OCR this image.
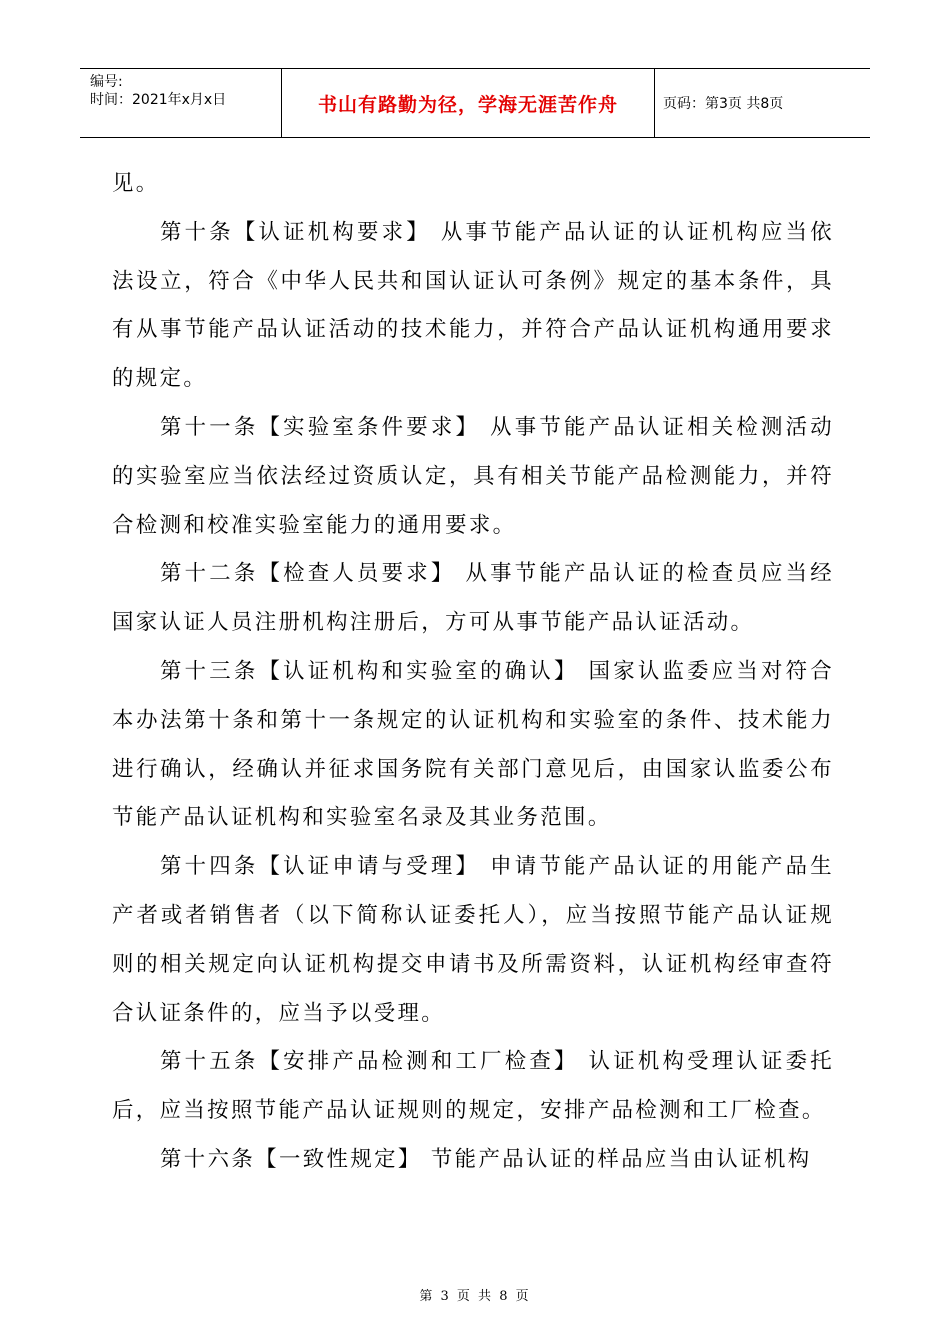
编号:
时间：2021年x月x日	书山有路勤为径，学海无涯苦作舟	页码：第3页 共8页

见。

第十条【认证机构要求】 从事节能产品认证的认证机构应当依法设立，符合《中华人民共和国认证认可条例》规定的基本条件，具有从事节能产品认证活动的技术能力，并符合产品认证机构通用要求的规定。

第十一条【实验室条件要求】 从事节能产品认证相关检测活动的实验室应当依法经过资质认定，具有相关节能产品检测能力，并符合检测和校准实验室能力的通用要求。

第十二条【检查人员要求】 从事节能产品认证的检查员应当经国家认证人员注册机构注册后，方可从事节能产品认证活动。

第十三条【认证机构和实验室的确认】 国家认监委应当对符合本办法第十条和第十一条规定的认证机构和实验室的条件、技术能力进行确认，经确认并征求国务院有关部门意见后，由国家认监委公布节能产品认证机构和实验室名录及其业务范围。

第十四条【认证申请与受理】 申请节能产品认证的用能产品生产者或者销售者（以下简称认证委托人），应当按照节能产品认证规则的相关规定向认证机构提交申请书及所需资料，认证机构经审查符合认证条件的，应当予以受理。

第十五条【安排产品检测和工厂检查】 认证机构受理认证委托后，应当按照节能产品认证规则的规定，安排产品检测和工厂检查。

第十六条【一致性规定】 节能产品认证的样品应当由认证机构

第 3 页 共 8 页
